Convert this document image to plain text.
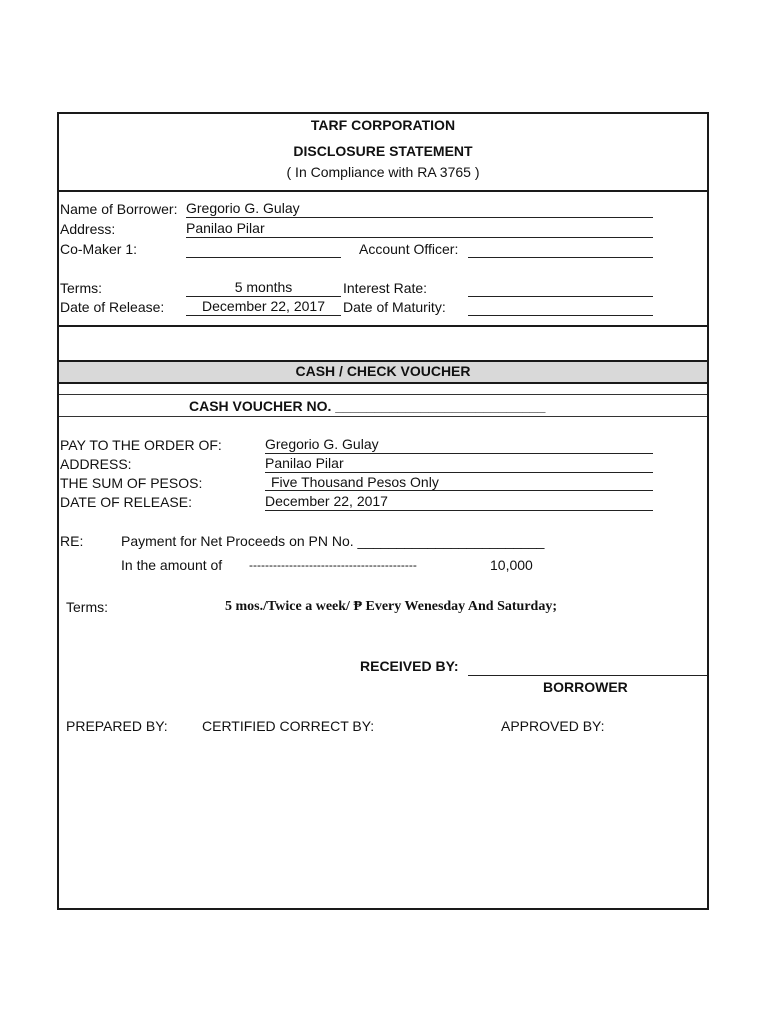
TARF CORPORATION
DISCLOSURE STATEMENT
( In Compliance with RA 3765 )
Name of Borrower: Gregorio G. Gulay
Address:	Panilao Pilar
Co-Maker 1:	Account Officer:
Terms:	5 months	Interest Rate:
Date of Release:	December 22, 2017	Date of Maturity:
CASH / CHECK VOUCHER
CASH VOUCHER NO. ___________________________
PAY TO THE ORDER OF:	Gregorio G. Gulay
ADDRESS:	Panilao Pilar
THE SUM OF PESOS:	Five Thousand Pesos Only
DATE OF RELEASE:	December 22, 2017
RE:	Payment for Net Proceeds on PN No. ________________________
In the amount of ------------------------------------------	10,000
Terms:	5 mos./Twice a week/ ₱ Every Wenesday And Saturday;
RECEIVED BY:
BORROWER
PREPARED BY: CERTIFIED CORRECT BY:	APPROVED BY:
